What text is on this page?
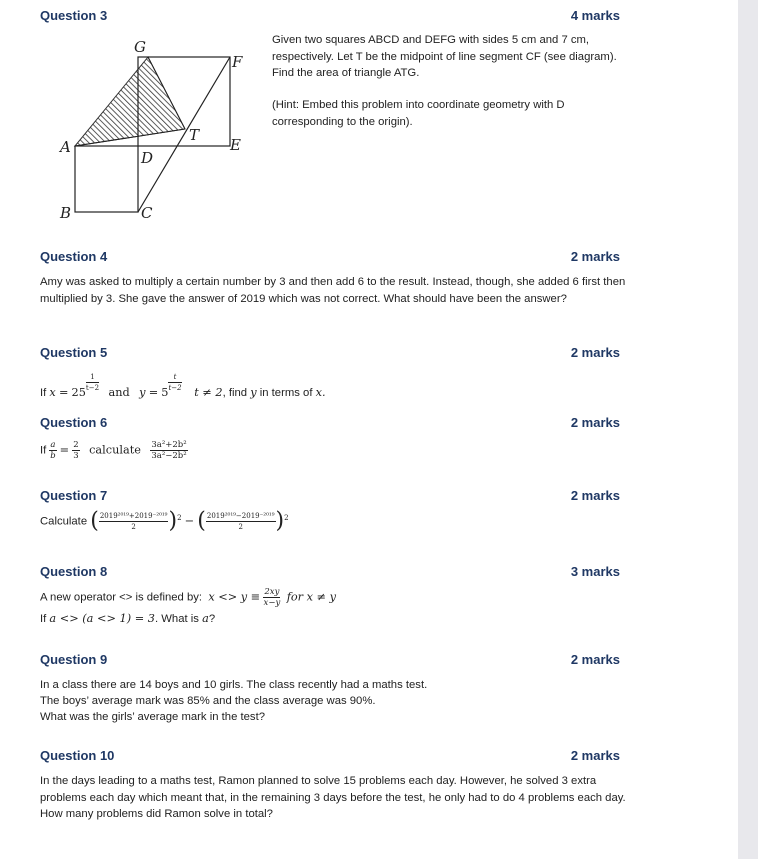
Question 3	4 marks
G
F
T
E
A
D
B	C
Given two squares ABCD and DEFG with sides 5 cm and 7 cm, respectively. Let T be the midpoint of line segment CF (see diagram). Find the area of triangle ATG.
(Hint: Embed this problem into coordinate geometry with D corresponding to the origin).
Question 4	2 marks
Amy was asked to multiply a certain number by 3 and then add 6 to the result. Instead, though, she added 6 first then multiplied by 3. She gave the answer of 2019 which was not correct. What should have been the answer?
Question 5	2 marks
If $x = 25 \frac{1}{t-2}$ and $y = 5 \frac{t}{t-2}$ t ≠ 2, find y in terms of x.
Question 6	2 marks
If $\frac{a}{b} = \frac{2}{3}$ calculate $\frac{\text{3a²+2b²}}{\text{3a²−2b²}}$
Question 7	2 marks
Calculate ( $\frac{\text{2019²⁰¹⁹+2019⁻²⁰¹⁹}}{2} )^2$ − ( $\frac{\text{2019²⁰¹⁹−2019⁻²⁰¹⁹}}{2} )^2$
Question 8	3 marks
A new operator <> is defined by: $x <> y \equiv \frac{2xy}{x-y}$ for x ≠ y
If a <> (a <> 1) = 3. What is a?
Question 9	2 marks
In a class there are 14 boys and 10 girls. The class recently had a maths test.
The boys’ average mark was 85% and the class average was 90%.
What was the girls’ average mark in the test?
Question 10	2 marks
In the days leading to a maths test, Ramon planned to solve 15 problems each day. However, he solved 3 extra problems each day which meant that, in the remaining 3 days before the test, he only had to do 4 problems each day. How many problems did Ramon solve in total?
